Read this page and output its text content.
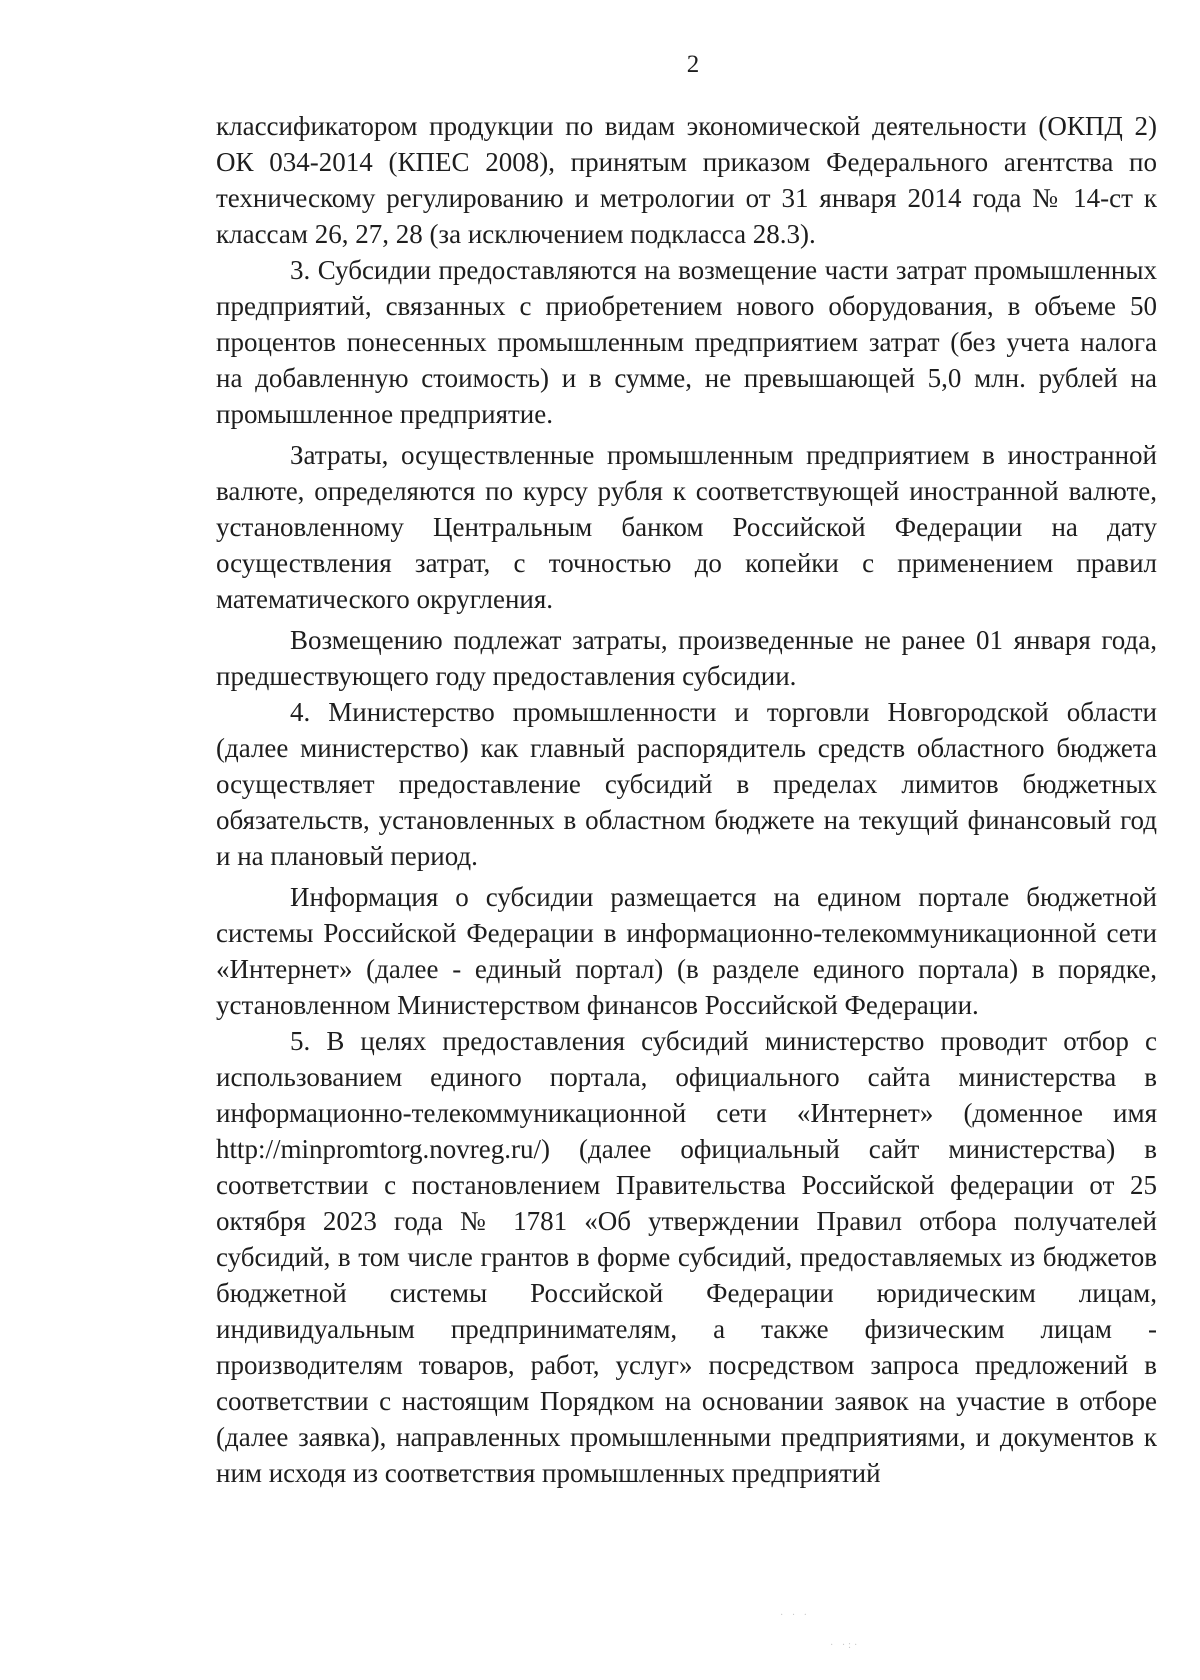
2

классификатором продукции по видам экономической деятельности (ОКПД 2) ОК 034-2014 (КПЕС 2008), принятым приказом Федерального агентства по техническому регулированию и метрологии от 31 января 2014 года № 14-ст к классам 26, 27, 28 (за исключением подкласса 28.3).

3. Субсидии предоставляются на возмещение части затрат промышленных предприятий, связанных с приобретением нового оборудования, в объеме 50 процентов понесенных промышленным предприятием затрат (без учета налога на добавленную стоимость) и в сумме, не превышающей 5,0 млн. рублей на промышленное предприятие.

Затраты, осуществленные промышленным предприятием в иностранной валюте, определяются по курсу рубля к соответствующей иностранной валюте, установленному Центральным банком Российской Федерации на дату осуществления затрат, с точностью до копейки с применением правил математического округления.

Возмещению подлежат затраты, произведенные не ранее 01 января года, предшествующего году предоставления субсидии.

4. Министерство промышленности и торговли Новгородской области (далее министерство) как главный распорядитель средств областного бюджета осуществляет предоставление субсидий в пределах лимитов бюджетных обязательств, установленных в областном бюджете на текущий финансовый год и на плановый период.

Информация о субсидии размещается на едином портале бюджетной системы Российской Федерации в информационно-телекоммуникационной сети «Интернет» (далее - единый портал) (в разделе единого портала) в порядке, установленном Министерством финансов Российской Федерации.

5. В целях предоставления субсидий министерство проводит отбор с использованием единого портала, официального сайта министерства в информационно-телекоммуникационной сети «Интернет» (доменное имя http://minpromtorg.novreg.ru/) (далее официальный сайт министерства) в соответствии с постановлением Правительства Российской федерации от 25 октября 2023 года № 1781 «Об утверждении Правил отбора получателей субсидий, в том числе грантов в форме субсидий, предоставляемых из бюджетов бюджетной системы Российской Федерации юридическим лицам, индивидуальным предпринимателям, а также физическим лицам - производителям товаров, работ, услуг» посредством запроса предложений в соответствии с настоящим Порядком на основании заявок на участие в отборе (далее заявка), направленных промышленными предприятиями, и документов к ним исходя из соответствия промышленных предприятий

· · ·
· ·:·
